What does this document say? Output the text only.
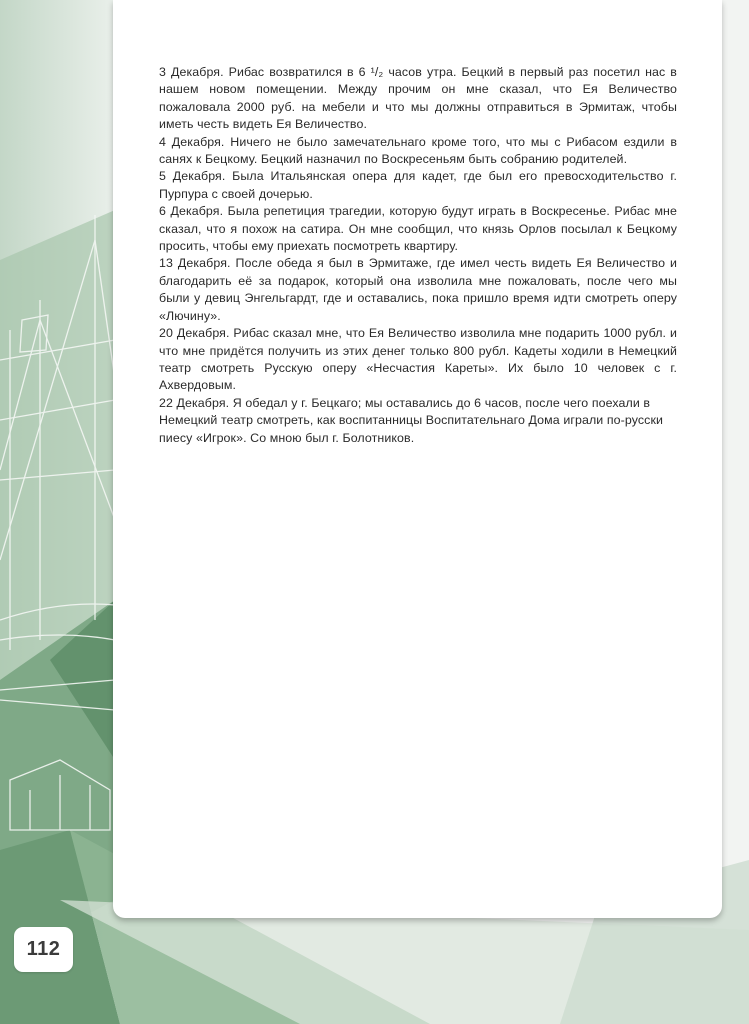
3 Декабря. Рибас возвратился в 6 ¹/₂ часов утра. Бецкий в первый раз посетил нас в нашем новом помещении. Между прочим он мне сказал, что Ея Величество пожаловала 2000 руб. на мебели и что мы должны отправиться в Эрмитаж, чтобы иметь честь видеть Ея Величество.

4 Декабря. Ничего не было замечательнаго кроме того, что мы с Рибасом ездили в санях к Бецкому. Бецкий назначил по Воскресеньям быть собранию родителей.

5 Декабря. Была Итальянская опера для кадет, где был его превосходительство г. Пурпура с своей дочерью.

6 Декабря. Была репетиция трагедии, которую будут играть в Воскресенье. Рибас мне сказал, что я похож на сатира. Он мне сообщил, что князь Орлов посылал к Бецкому просить, чтобы ему приехать посмотреть квартиру.

13 Декабря. После обеда я был в Эрмитаже, где имел честь видеть Ея Величество и благодарить её за подарок, который она изволила мне пожаловать, после чего мы были у девиц Энгельгардт, где и оставались, пока пришло время идти смотреть оперу «Лючину».

20 Декабря. Рибас сказал мне, что Ея Величество изволила мне подарить 1000 рубл. и что мне придётся получить из этих денег только 800 рубл. Кадеты ходили в Немецкий театр смотреть Русскую оперу «Несчастия Кареты». Их было 10 человек с г. Ахвердовым.

22 Декабря. Я обедал у г. Бецкаго; мы оставались до 6 часов, после чего поехали в Немецкий театр смотреть, как воспитанницы Воспитательнаго Дома играли по-русски пиесу «Игрок». Со мною был г. Болотников.

112
